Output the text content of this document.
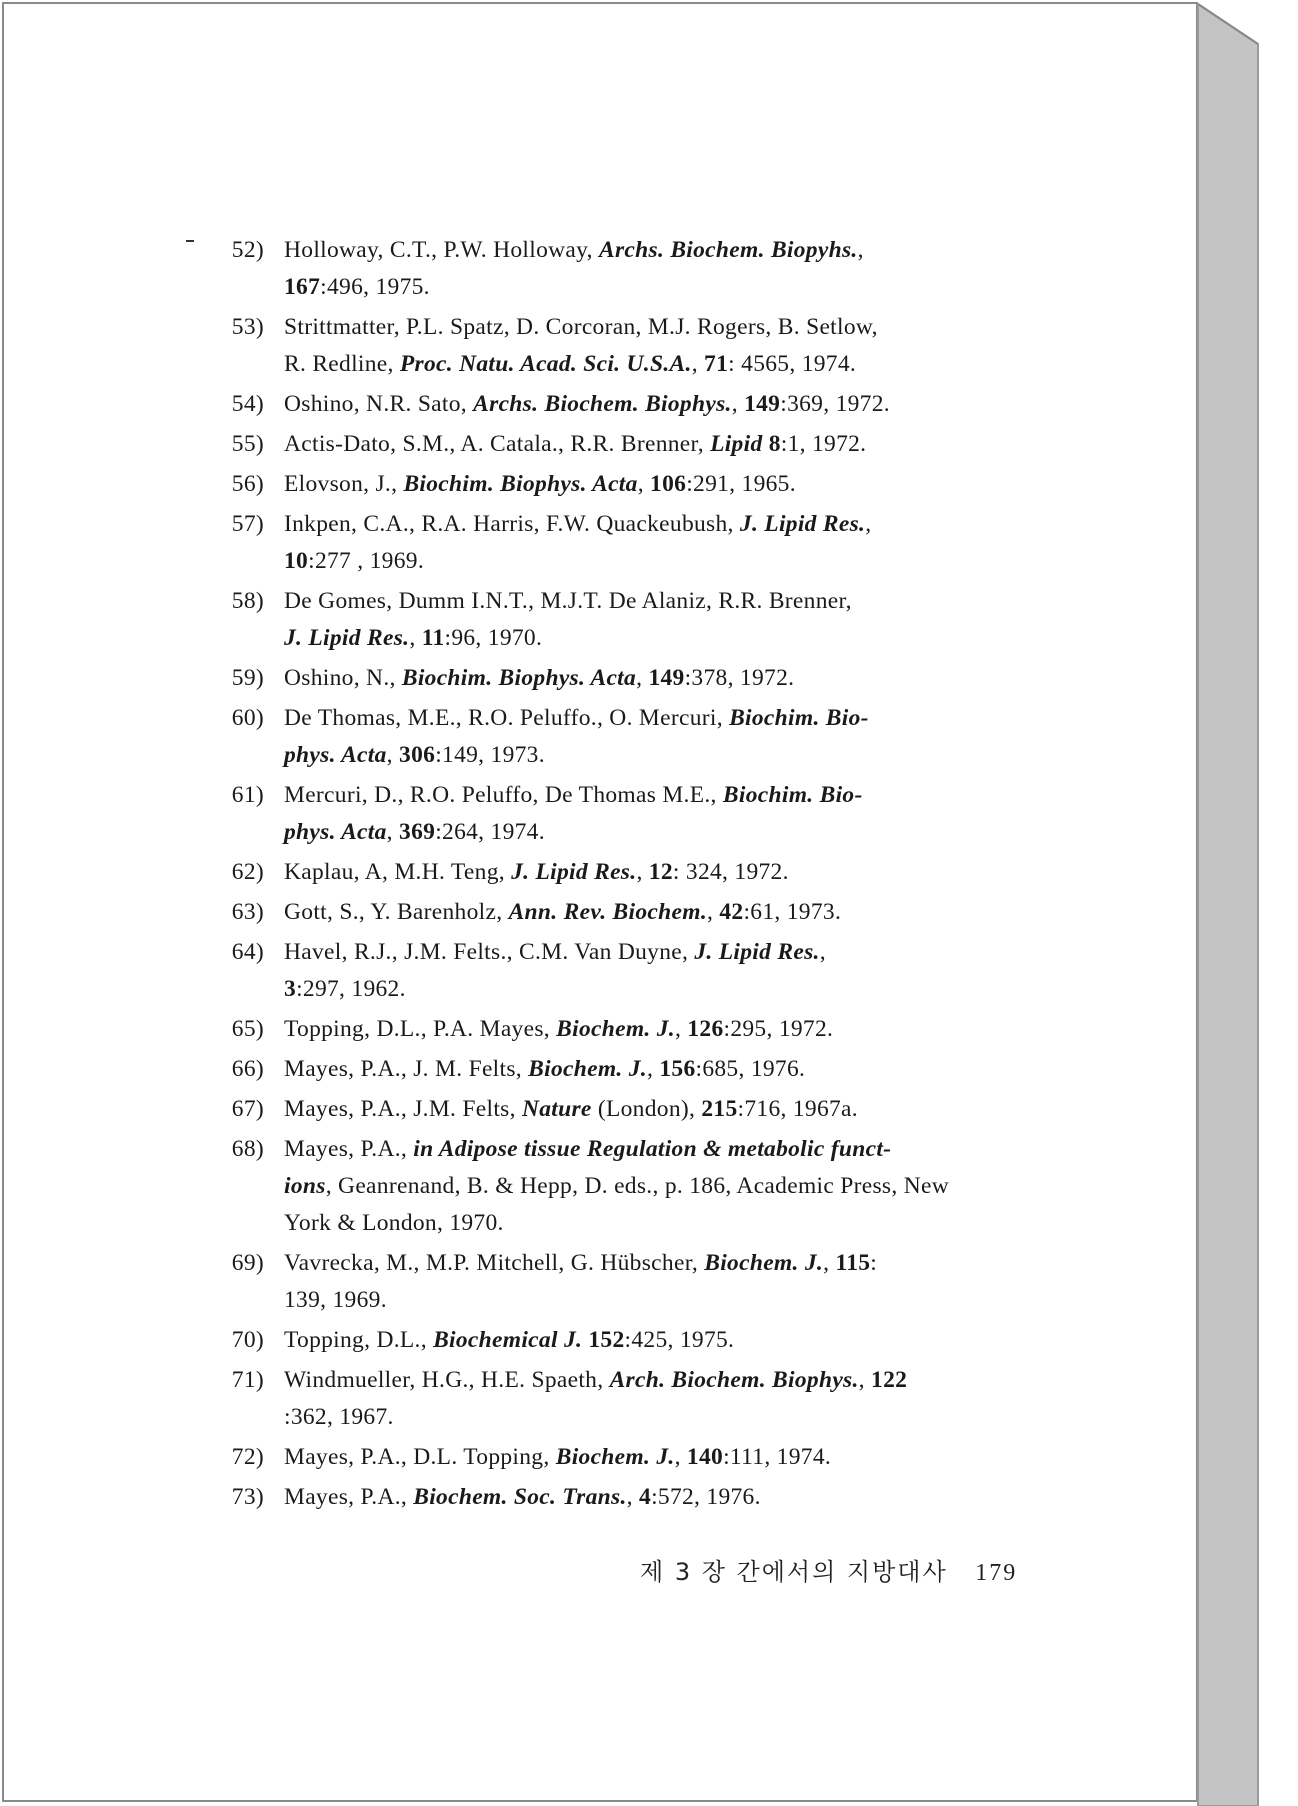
52) Holloway, C.T., P.W. Holloway, Archs. Biochem. Biopyhs.,
167:496, 1975.
53) Strittmatter, P.L. Spatz, D. Corcoran, M.J. Rogers, B. Setlow,
R. Redline, Proc. Natu. Acad. Sci. U.S.A., 71: 4565, 1974.
54) Oshino, N.R. Sato, Archs. Biochem. Biophys., 149:369, 1972.
55) Actis-Dato, S.M., A. Catala., R.R. Brenner, Lipid 8:1, 1972.
56) Elovson, J., Biochim. Biophys. Acta, 106:291, 1965.
57) Inkpen, C.A., R.A. Harris, F.W. Quackeubush, J. Lipid Res.,
10:277 , 1969.
58) De Gomes, Dumm I.N.T., M.J.T. De Alaniz, R.R. Brenner,
J. Lipid Res., 11:96, 1970.
59) Oshino, N., Biochim. Biophys. Acta, 149:378, 1972.
60) De Thomas, M.E., R.O. Peluffo., O. Mercuri, Biochim. Bio-
phys. Acta, 306:149, 1973.
61) Mercuri, D., R.O. Peluffo, De Thomas M.E., Biochim. Bio-
phys. Acta, 369:264, 1974.
62) Kaplau, A, M.H. Teng, J. Lipid Res., 12: 324, 1972.
63) Gott, S., Y. Barenholz, Ann. Rev. Biochem., 42:61, 1973.
64) Havel, R.J., J.M. Felts., C.M. Van Duyne, J. Lipid Res.,
3:297, 1962.
65) Topping, D.L., P.A. Mayes, Biochem. J., 126:295, 1972.
66) Mayes, P.A., J. M. Felts, Biochem. J., 156:685, 1976.
67) Mayes, P.A., J.M. Felts, Nature (London), 215:716, 1967a.
68) Mayes, P.A., in Adipose tissue Regulation & metabolic funct-
ions, Geanrenand, B. & Hepp, D. eds., p. 186, Academic Press, New
York & London, 1970.
69) Vavrecka, M., M.P. Mitchell, G. Hübscher, Biochem. J., 115:
139, 1969.
70) Topping, D.L., Biochemical J. 152:425, 1975.
71) Windmueller, H.G., H.E. Spaeth, Arch. Biochem. Biophys., 122
:362, 1967.
72) Mayes, P.A., D.L. Topping, Biochem. J., 140:111, 1974.
73) Mayes, P.A., Biochem. Soc. Trans., 4:572, 1976.
제 3 장 간에서의 지방대사 179
